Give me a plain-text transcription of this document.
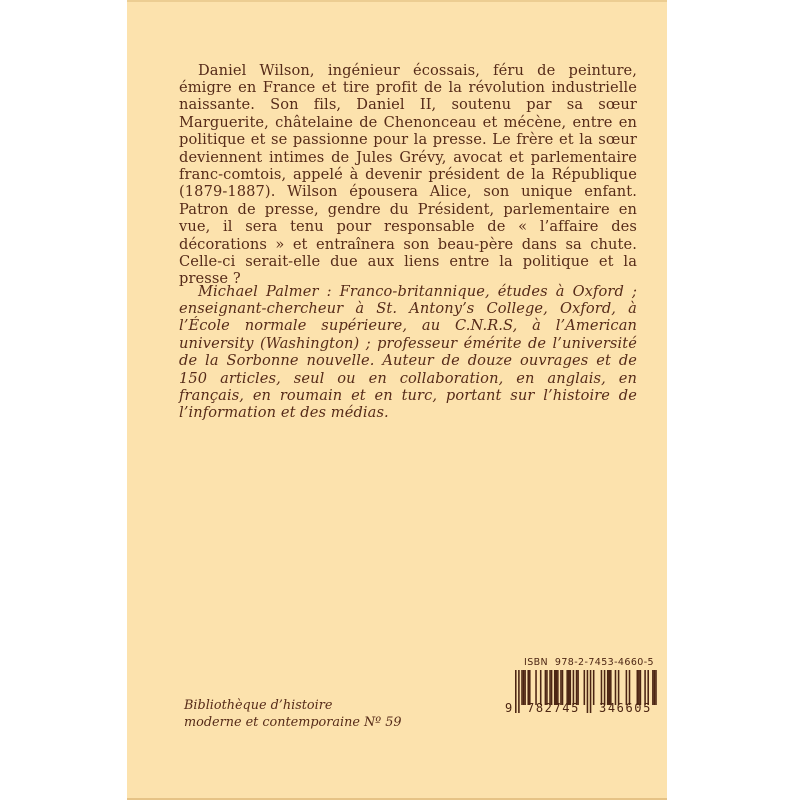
Daniel Wilson, ingénieur écossais, féru de peinture, émigre en France et tire profit de la révolution industrielle naissante. Son fils, Daniel II, soutenu par sa sœur Marguerite, châtelaine de Chenonceau et mécène, entre en politique et se passionne pour la presse. Le frère et la sœur deviennent intimes de Jules Grévy, avocat et parlementaire franc-comtois, appelé à devenir président de la République (1879-1887). Wilson épousera Alice, son unique enfant. Patron de presse, gendre du Président, parlementaire en vue, il sera tenu pour responsable de « l’affaire des décorations » et entraînera son beau-père dans sa chute. Celle-ci serait-elle due aux liens entre la politique et la presse ?

Michael Palmer : Franco-britannique, études à Oxford ; enseignant-chercheur à St. Antony’s College, Oxford, à l’École normale supérieure, au C.N.R.S, à l’American university (Washington) ; professeur émérite de l’université de la Sorbonne nouvelle. Auteur de douze ouvrages et de 150 articles, seul ou en collaboration, en anglais, en français, en roumain et en turc, portant sur l’histoire de l’information et des médias.

Bibliothèque d’histoire
moderne et contemporaine Nº 59
ISBN  978-2-7453-4660-5
9 782745 346605
